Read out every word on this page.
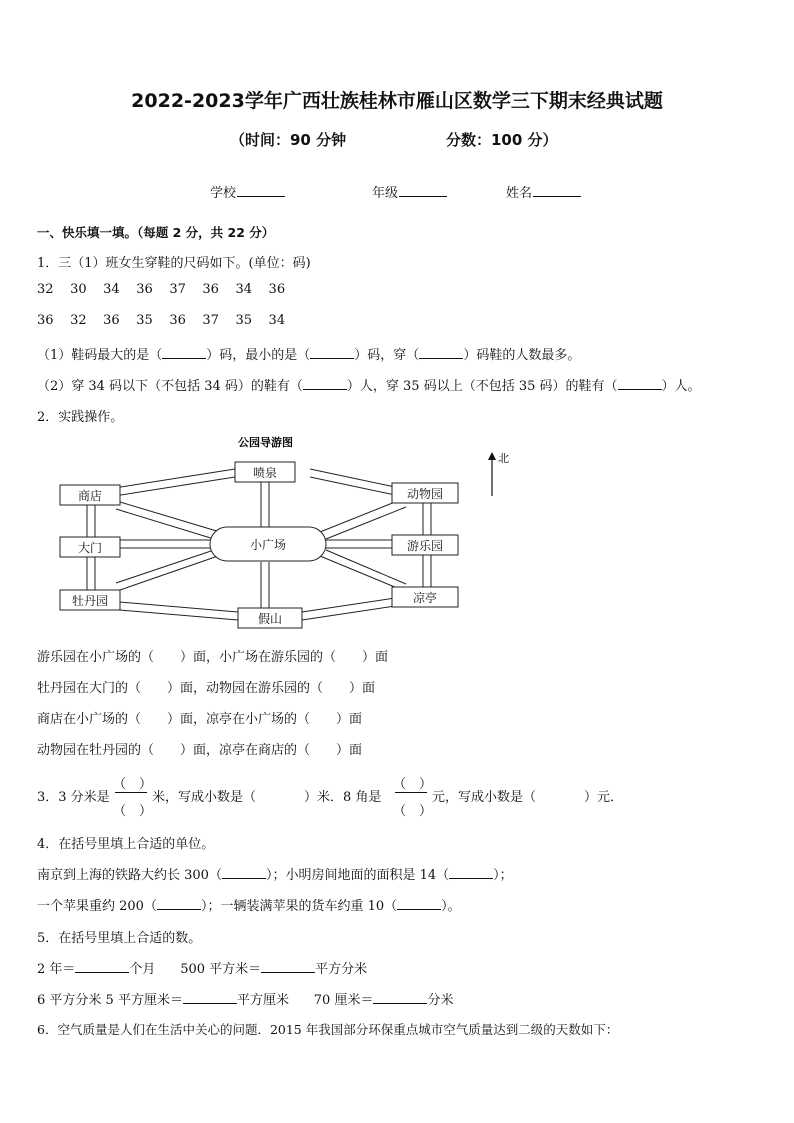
2022-2023学年广西壮族桂林市雁山区数学三下期末经典试题
（时间：90 分钟	分数：100 分）
学校	年级	姓名
一、快乐填一填。（每题 2 分，共 22 分）
1．三（1）班女生穿鞋的尺码如下。(单位：码)
32 30 34 36 37 36 34 36
36 32 36 35 36 37 35 34
（1）鞋码最大的是（	）码，最小的是（	）码，穿（	）码鞋的人数最多。
（2）穿 34 码以下（不包括 34 码）的鞋有（	）人，穿 35 码以上（不包括 35 码）的鞋有（	）人。
2．实践操作。
公园导游图
喷泉
商店	动物园
大门	小广场	游乐园
牡丹园
假山
凉亭
北
游乐园在小广场的（　　）面，小广场在游乐园的（　　）面
牡丹园在大门的（　　）面，动物园在游乐园的（　　）面
商店在小广场的（　　）面，凉亭在小广场的（　　）面
动物园在牡丹园的（　　）面，凉亭在商店的（　　）面
3．3 分米是
（　）
（　）
米，写成小数是（	）米．8 角是
（　）
（　）
元，写成小数是（	）元．
4．在括号里填上合适的单位。
南京到上海的铁路大约长 300（	）；小明房间地面的面积是 14（	）；
一个苹果重约 200（	）；一辆装满苹果的货车约重 10（	）。
5．在括号里填上合适的数。
2 年＝	个月 500 平方米＝	平方分米
6 平方分米 5 平方厘米＝	平方厘米 70 厘米＝	分米
6．空气质量是人们在生活中关心的问题．2015 年我国部分环保重点城市空气质量达到二级的天数如下：
